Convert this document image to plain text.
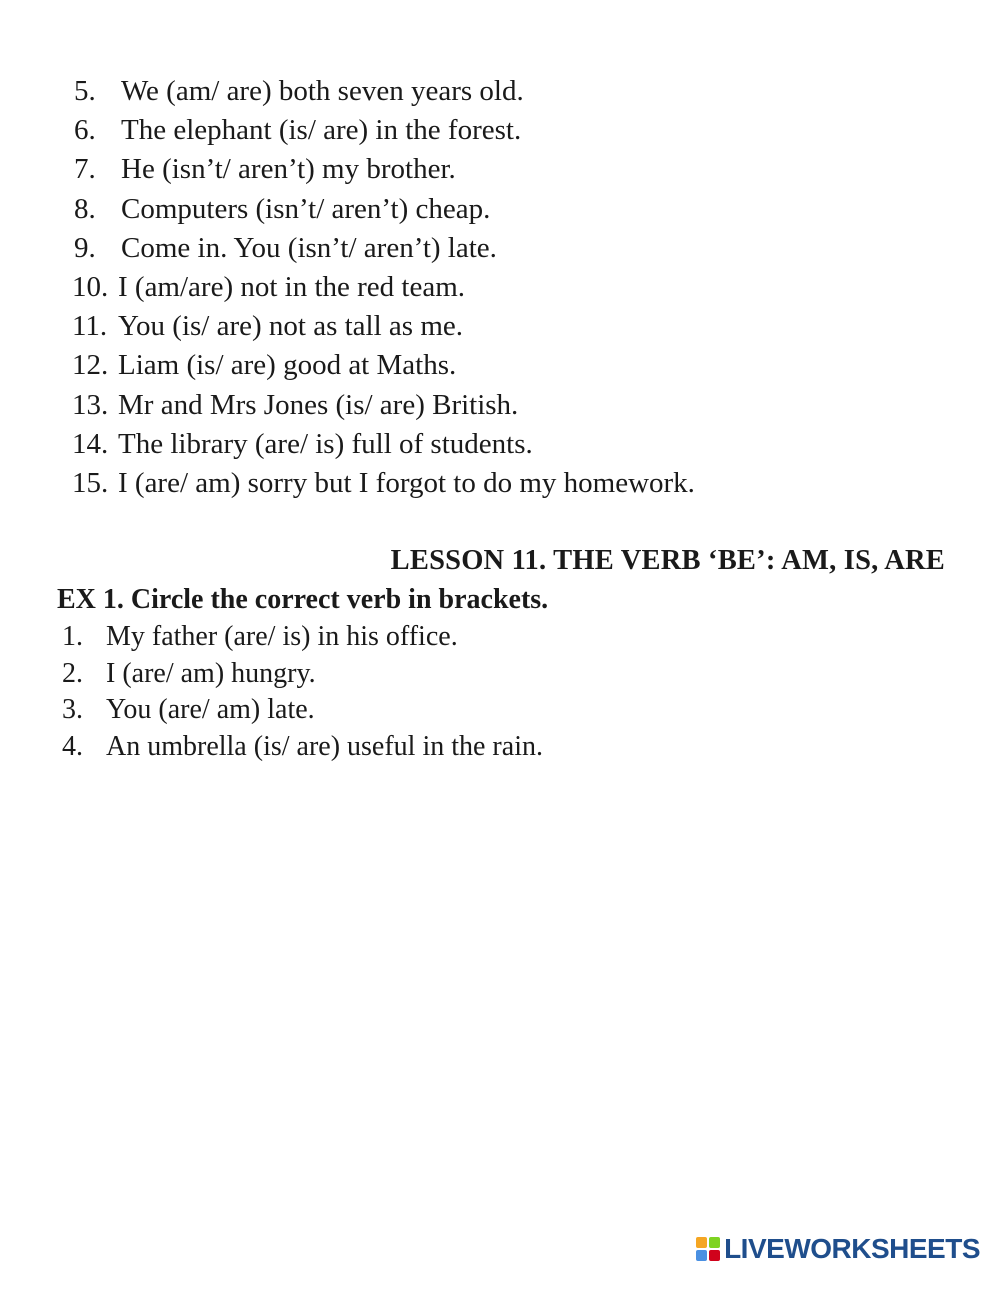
5. We (am/ are) both seven years old.
6. The elephant (is/ are) in the forest.
7. He (isn’t/ aren’t) my brother.
8. Computers (isn’t/ aren’t) cheap.
9. Come in. You (isn’t/ aren’t) late.
10. I (am/are) not in the red team.
11. You (is/ are) not as tall as me.
12. Liam (is/ are) good at Maths.
13. Mr and Mrs Jones (is/ are) British.
14. The library (are/ is) full of students.
15. I (are/ am) sorry but I forgot to do my homework.
LESSON 11. THE VERB ‘BE’: AM, IS, ARE
EX 1. Circle the correct verb in brackets.
1. My father (are/ is) in his office.
2. I (are/ am) hungry.
3. You (are/ am) late.
4. An umbrella (is/ are) useful in the rain.
LIVEWORKSHEETS
